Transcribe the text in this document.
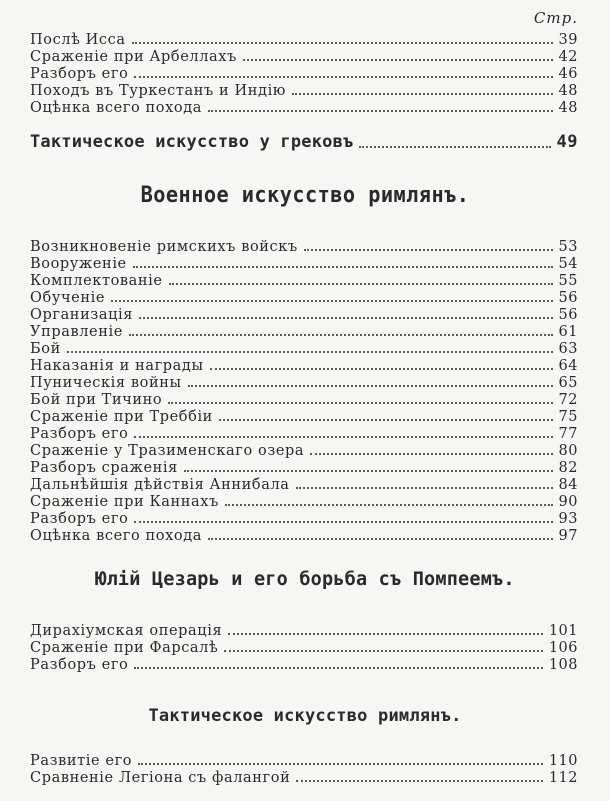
Стр.
Послѣ Исса	39
Сраженіе при Арбеллахъ	42
Разборъ его	46
Походъ въ Туркестанъ и Индію	48
Оцѣнка всего похода	48
Тактическое искусство у грековъ	49
Военное искусство римлянъ.
Возникновеніе римскихъ войскъ	53
Вооруженіе	54
Комплектованіе	55
Обученіе	56
Организація	56
Управленіе	61
Бой	63
Наказанія и награды	64
Пуническія войны	65
Бой при Тичино	72
Сраженіе при Треббіи	75
Разборъ его	77
Сраженіе у Тразименскаго озера	80
Разборъ сраженія	82
Дальнѣйшія дѣйствія Аннибала	84
Сраженіе при Каннахъ	90
Разборъ его	93
Оцѣнка всего похода	97
Юлій Цезарь и его борьба съ Помпеемъ.
Дирахіумская операція	101
Сраженіе при Фарсалѣ	106
Разборъ его	108
Тактическое искусство римлянъ.
Развитіе его	110
Сравненіе Легіона съ фалангой	112
